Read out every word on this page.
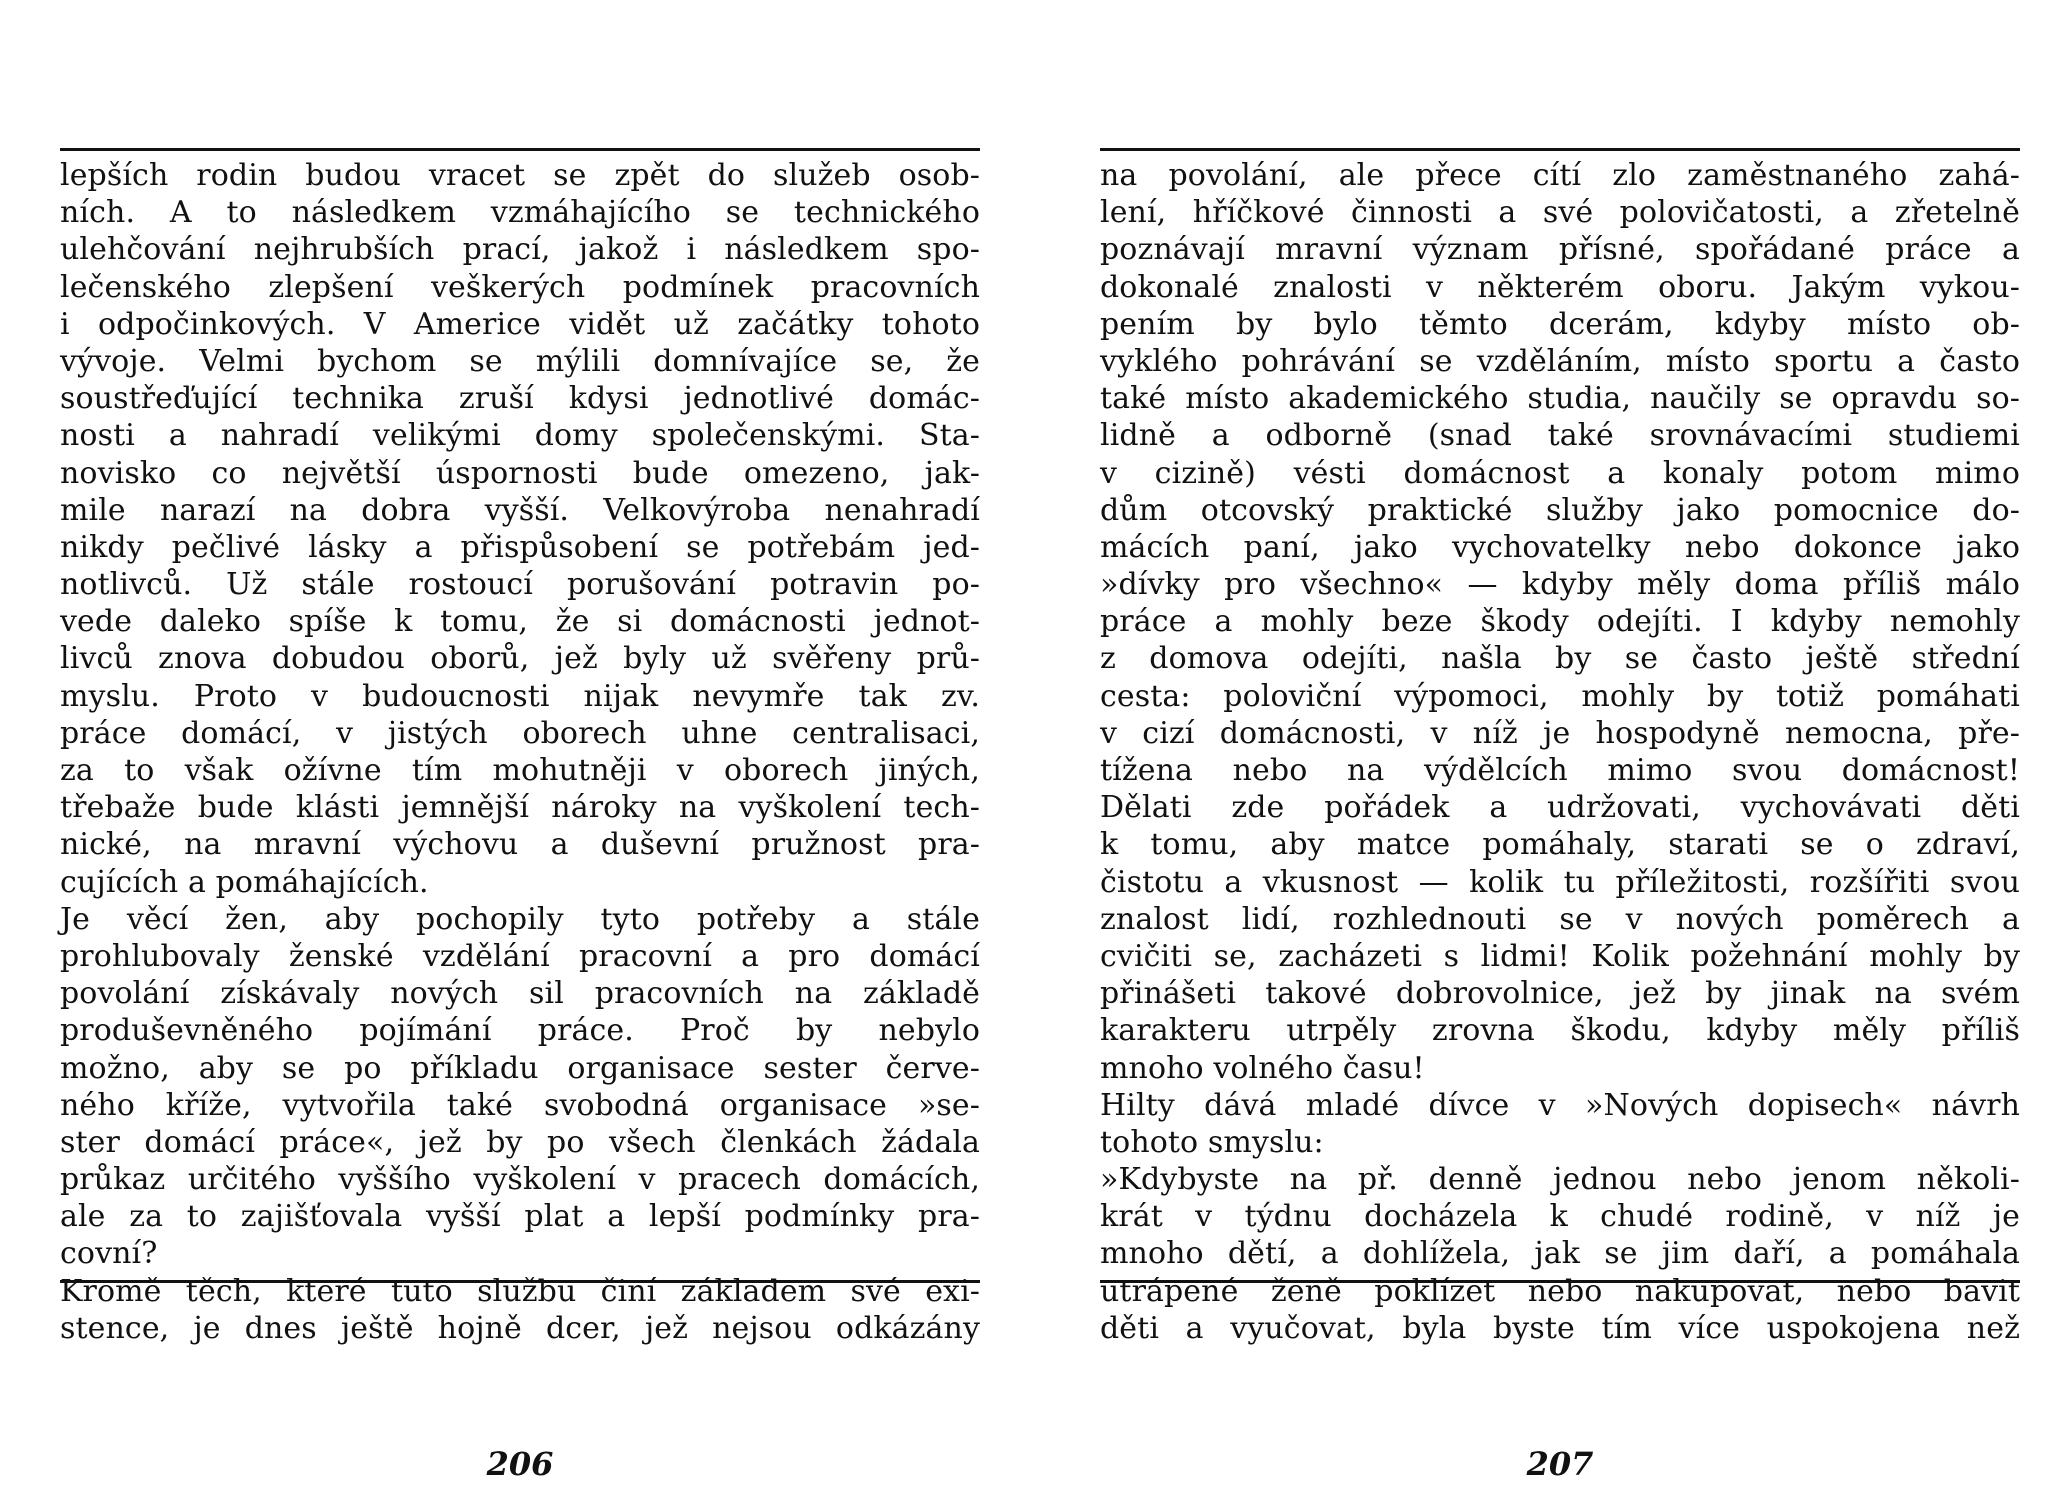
lepších rodin budou vracet se zpět do služeb osob-
ních. A to následkem vzmáhajícího se technického
ulehčování nejhrubších prací, jakož i následkem spo-
lečenského zlepšení veškerých podmínek pracovních
i odpočinkových. V Americe vidět už začátky tohoto
vývoje. Velmi bychom se mýlili domnívajíce se, že
soustřeďující technika zruší kdysi jednotlivé domác-
nosti a nahradí velikými domy společenskými. Sta-
novisko co největší úspornosti bude omezeno, jak-
mile narazí na dobra vyšší. Velkovýroba nenahradí
nikdy pečlivé lásky a přispůsobení se potřebám jed-
notlivců. Už stále rostoucí porušování potravin po-
vede daleko spíše k tomu, že si domácnosti jednot-
livců znova dobudou oborů, jež byly už svěřeny prů-
myslu. Proto v budoucnosti nijak nevymře tak zv.
práce domácí, v jistých oborech uhne centralisaci,
za to však ožívne tím mohutněji v oborech jiných,
třebaže bude klásti jemnější nároky na vyškolení tech-
nické, na mravní výchovu a duševní pružnost pra-
cujících a pomáhajících.
Je věcí žen, aby pochopily tyto potřeby a stále
prohlubovaly ženské vzdělání pracovní a pro domácí
povolání získávaly nových sil pracovních na základě
produševněného pojímání práce. Proč by nebylo
možno, aby se po příkladu organisace sester červe-
ného kříže, vytvořila také svobodná organisace »se-
ster domácí práce«, jež by po všech členkách žádala
průkaz určitého vyššího vyškolení v pracech domácích,
ale za to zajišťovala vyšší plat a lepší podmínky pra-
covní?
Kromě těch, které tuto službu činí základem své exi-
stence, je dnes ještě hojně dcer, jež nejsou odkázány
na povolání, ale přece cítí zlo zaměstnaného zahá-
lení, hříčkové činnosti a své polovičatosti, a zřetelně
poznávají mravní význam přísné, spořádané práce a
dokonalé znalosti v některém oboru. Jakým vykou-
pením by bylo těmto dcerám, kdyby místo ob-
vyklého pohrávání se vzděláním, místo sportu a často
také místo akademického studia, naučily se opravdu so-
lidně a odborně (snad také srovnávacími studiemi
v cizině) vésti domácnost a konaly potom mimo
dům otcovský praktické služby jako pomocnice do-
mácích paní, jako vychovatelky nebo dokonce jako
»dívky pro všechno« — kdyby měly doma příliš málo
práce a mohly beze škody odejíti. I kdyby nemohly
z domova odejíti, našla by se často ještě střední
cesta: poloviční výpomoci, mohly by totiž pomáhati
v cizí domácnosti, v níž je hospodyně nemocna, pře-
tížena nebo na výdělcích mimo svou domácnost!
Dělati zde pořádek a udržovati, vychovávati děti
k tomu, aby matce pomáhaly, starati se o zdraví,
čistotu a vkusnost — kolik tu příležitosti, rozšířiti svou
znalost lidí, rozhlednouti se v nových poměrech a
cvičiti se, zacházeti s lidmi! Kolik požehnání mohly by
přinášeti takové dobrovolnice, jež by jinak na svém
karakteru utrpěly zrovna škodu, kdyby měly příliš
mnoho volného času!
Hilty dává mladé dívce v »Nových dopisech« návrh
tohoto smyslu:
»Kdybyste na př. denně jednou nebo jenom několi-
krát v týdnu docházela k chudé rodině, v níž je
mnoho dětí, a dohlížela, jak se jim daří, a pomáhala
utrápené ženě poklízet nebo nakupovat, nebo bavit
děti a vyučovat, byla byste tím více uspokojena než
206	207
